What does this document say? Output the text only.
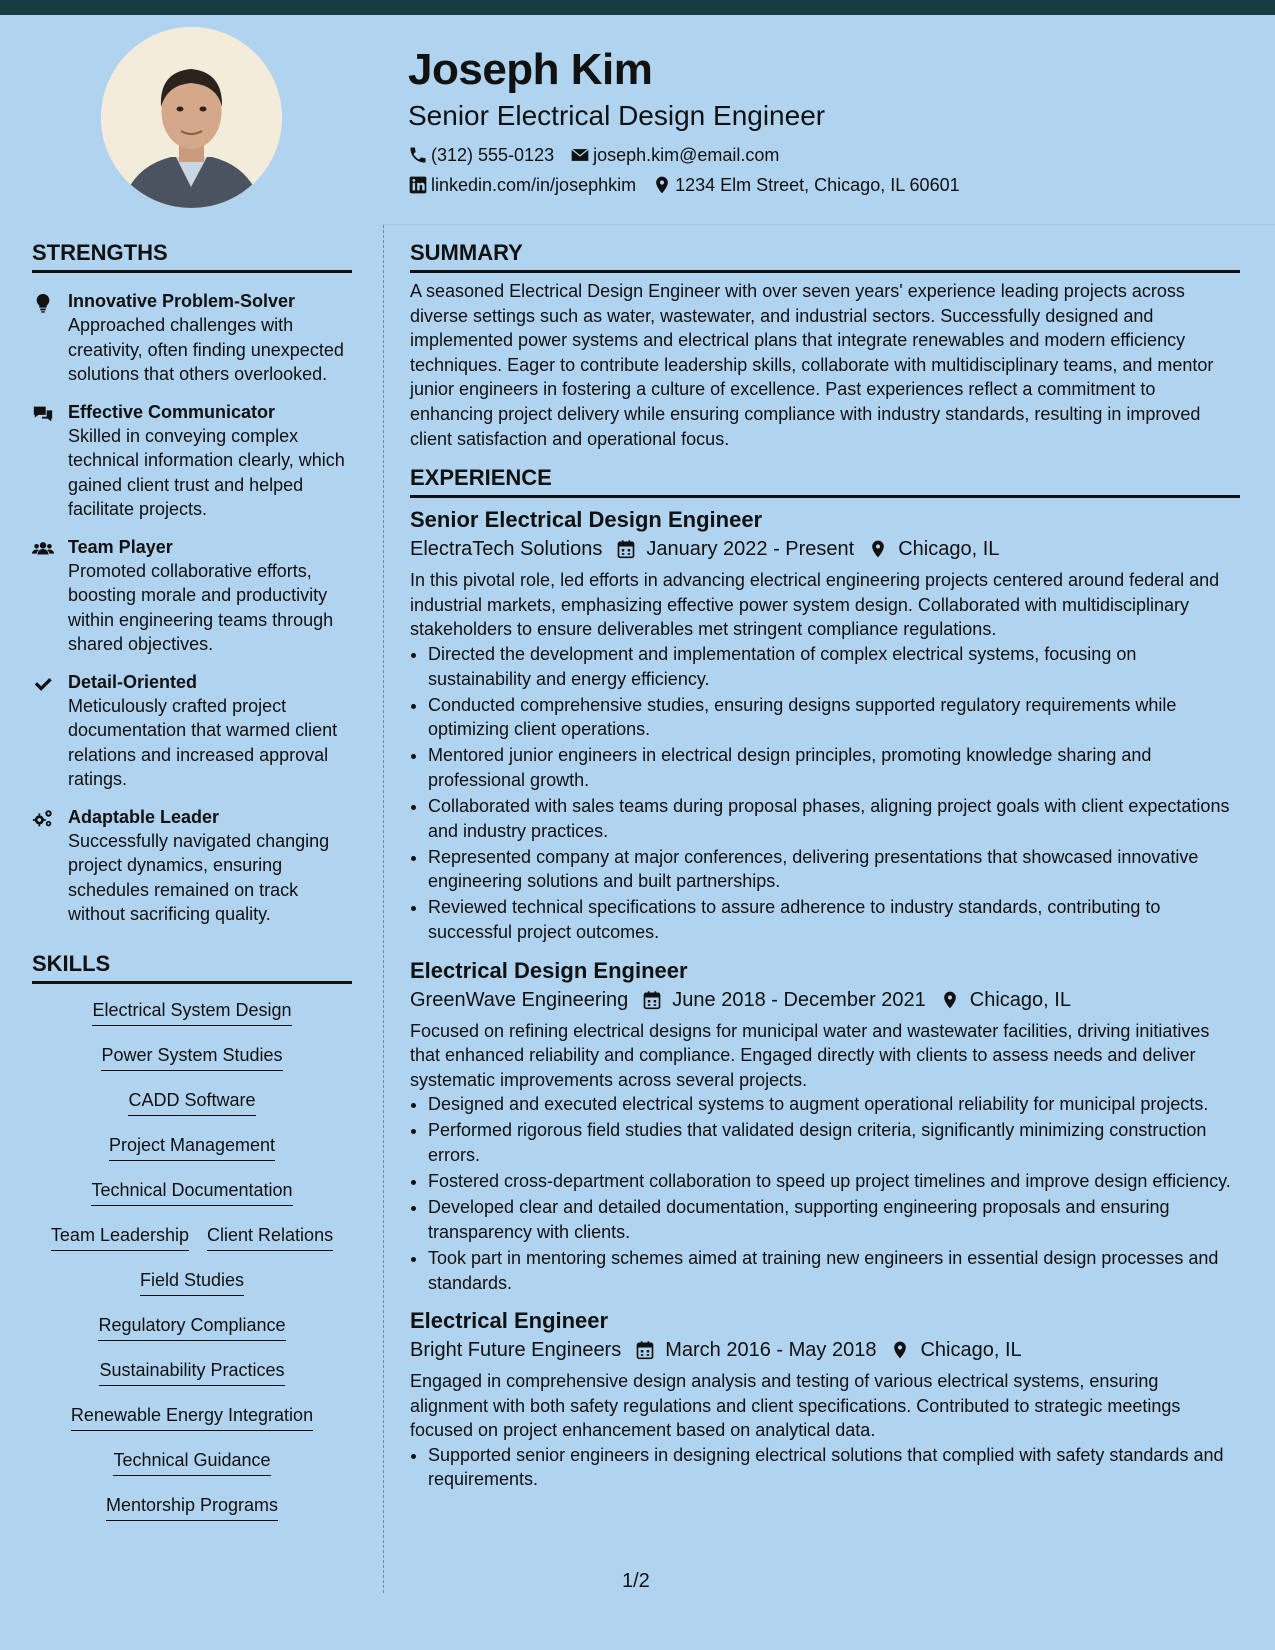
Joseph Kim
Senior Electrical Design Engineer
(312) 555-0123 joseph.kim@email.com
linkedin.com/in/josephkim 1234 Elm Street, Chicago, IL 60601
STRENGTHS
Innovative Problem-Solver
Approached challenges with creativity, often finding unexpected solutions that others overlooked.
Effective Communicator
Skilled in conveying complex technical information clearly, which gained client trust and helped facilitate projects.
Team Player
Promoted collaborative efforts, boosting morale and productivity within engineering teams through shared objectives.
Detail-Oriented
Meticulously crafted project documentation that warmed client relations and increased approval ratings.
Adaptable Leader
Successfully navigated changing project dynamics, ensuring schedules remained on track without sacrificing quality.
SKILLS
Electrical System Design
Power System Studies
CADD Software
Project Management
Technical Documentation
Team Leadership Client Relations
Field Studies
Regulatory Compliance
Sustainability Practices
Renewable Energy Integration
Technical Guidance
Mentorship Programs
SUMMARY

A seasoned Electrical Design Engineer with over seven years' experience leading projects across diverse settings such as water, wastewater, and industrial sectors. Successfully designed and implemented power systems and electrical plans that integrate renewables and modern efficiency techniques. Eager to contribute leadership skills, collaborate with multidisciplinary teams, and mentor junior engineers in fostering a culture of excellence. Past experiences reflect a commitment to enhancing project delivery while ensuring compliance with industry standards, resulting in improved client satisfaction and operational focus.

EXPERIENCE
Senior Electrical Design Engineer
ElectraTech Solutions January 2022 - Present Chicago, IL

In this pivotal role, led efforts in advancing electrical engineering projects centered around federal and industrial markets, emphasizing effective power system design. Collaborated with multidisciplinary stakeholders to ensure deliverables met stringent compliance regulations.

• Directed the development and implementation of complex electrical systems, focusing on sustainability and energy efficiency.
• Conducted comprehensive studies, ensuring designs supported regulatory requirements while optimizing client operations.
• Mentored junior engineers in electrical design principles, promoting knowledge sharing and professional growth.
• Collaborated with sales teams during proposal phases, aligning project goals with client expectations and industry practices.
• Represented company at major conferences, delivering presentations that showcased innovative engineering solutions and built partnerships.
• Reviewed technical specifications to assure adherence to industry standards, contributing to successful project outcomes.
Electrical Design Engineer
GreenWave Engineering June 2018 - December 2021 Chicago, IL

Focused on refining electrical designs for municipal water and wastewater facilities, driving initiatives that enhanced reliability and compliance. Engaged directly with clients to assess needs and deliver systematic improvements across several projects.

• Designed and executed electrical systems to augment operational reliability for municipal projects.
• Performed rigorous field studies that validated design criteria, significantly minimizing construction errors.
• Fostered cross-department collaboration to speed up project timelines and improve design efficiency.
• Developed clear and detailed documentation, supporting engineering proposals and ensuring transparency with clients.
• Took part in mentoring schemes aimed at training new engineers in essential design processes and standards.
Electrical Engineer
Bright Future Engineers March 2016 - May 2018 Chicago, IL

Engaged in comprehensive design analysis and testing of various electrical systems, ensuring alignment with both safety regulations and client specifications. Contributed to strategic meetings focused on project enhancement based on analytical data.

• Supported senior engineers in designing electrical solutions that complied with safety standards and requirements.
1/2
